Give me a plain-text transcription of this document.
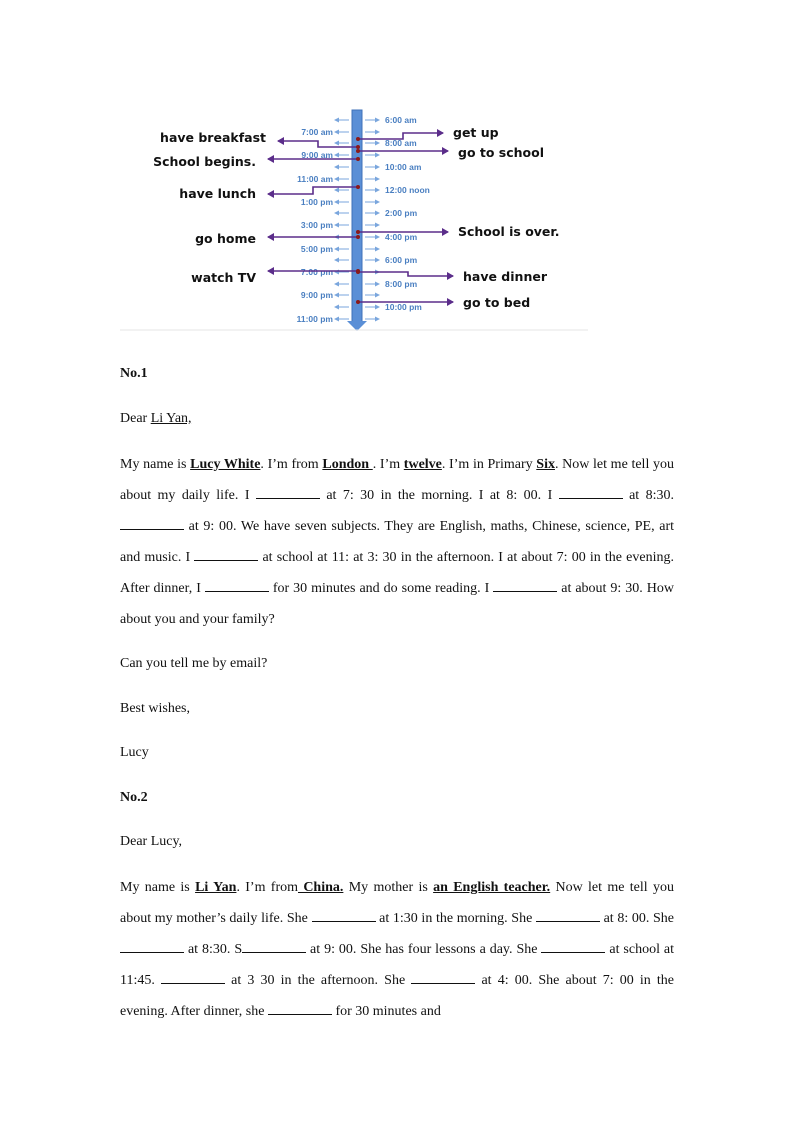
6:00 am
8:00 am
10:00 am
12:00 noon
2:00 pm
4:00 pm
6:00 pm
8:00 pm
10:00 pm
7:00 am
9:00 am
11:00 am
1:00 pm
3:00 pm
5:00 pm
7:00 pm
9:00 pm
11:00 pm
get up
go to school
School is over.
have dinner
go to bed
have breakfast
School begins.
have lunch
go home
watch TV
No.1
Dear Li Yan,
My name is Lucy White. I’m from London . I’m twelve. I’m in Primary Six. Now let me tell you about my daily life. I	at 7: 30 in the morning. I at 8: 00. I	at 8:30.  at 9: 00. We have seven subjects. They are English, maths, Chinese, science, PE, art and music. I	at school at 11: at 3: 30 in the afternoon. I at about 7: 00 in the evening. After dinner, I	for 30 minutes and do some reading. I	at about 9: 30. How about you and your family?
Can you tell me by email?
Best wishes,
Lucy
No.2
Dear Lucy,
My name is Li Yan. I’m from China. My mother is an English teacher. Now let me tell you about my mother’s daily life. She	at 1:30 in the morning. She	at 8: 00. She  at 8:30. S	at 9: 00. She has four lessons a day. She	at school at 11:45.	at 3 30 in the afternoon. She	at 4: 00. She about 7: 00 in the evening. After dinner, she	for 30 minutes and
